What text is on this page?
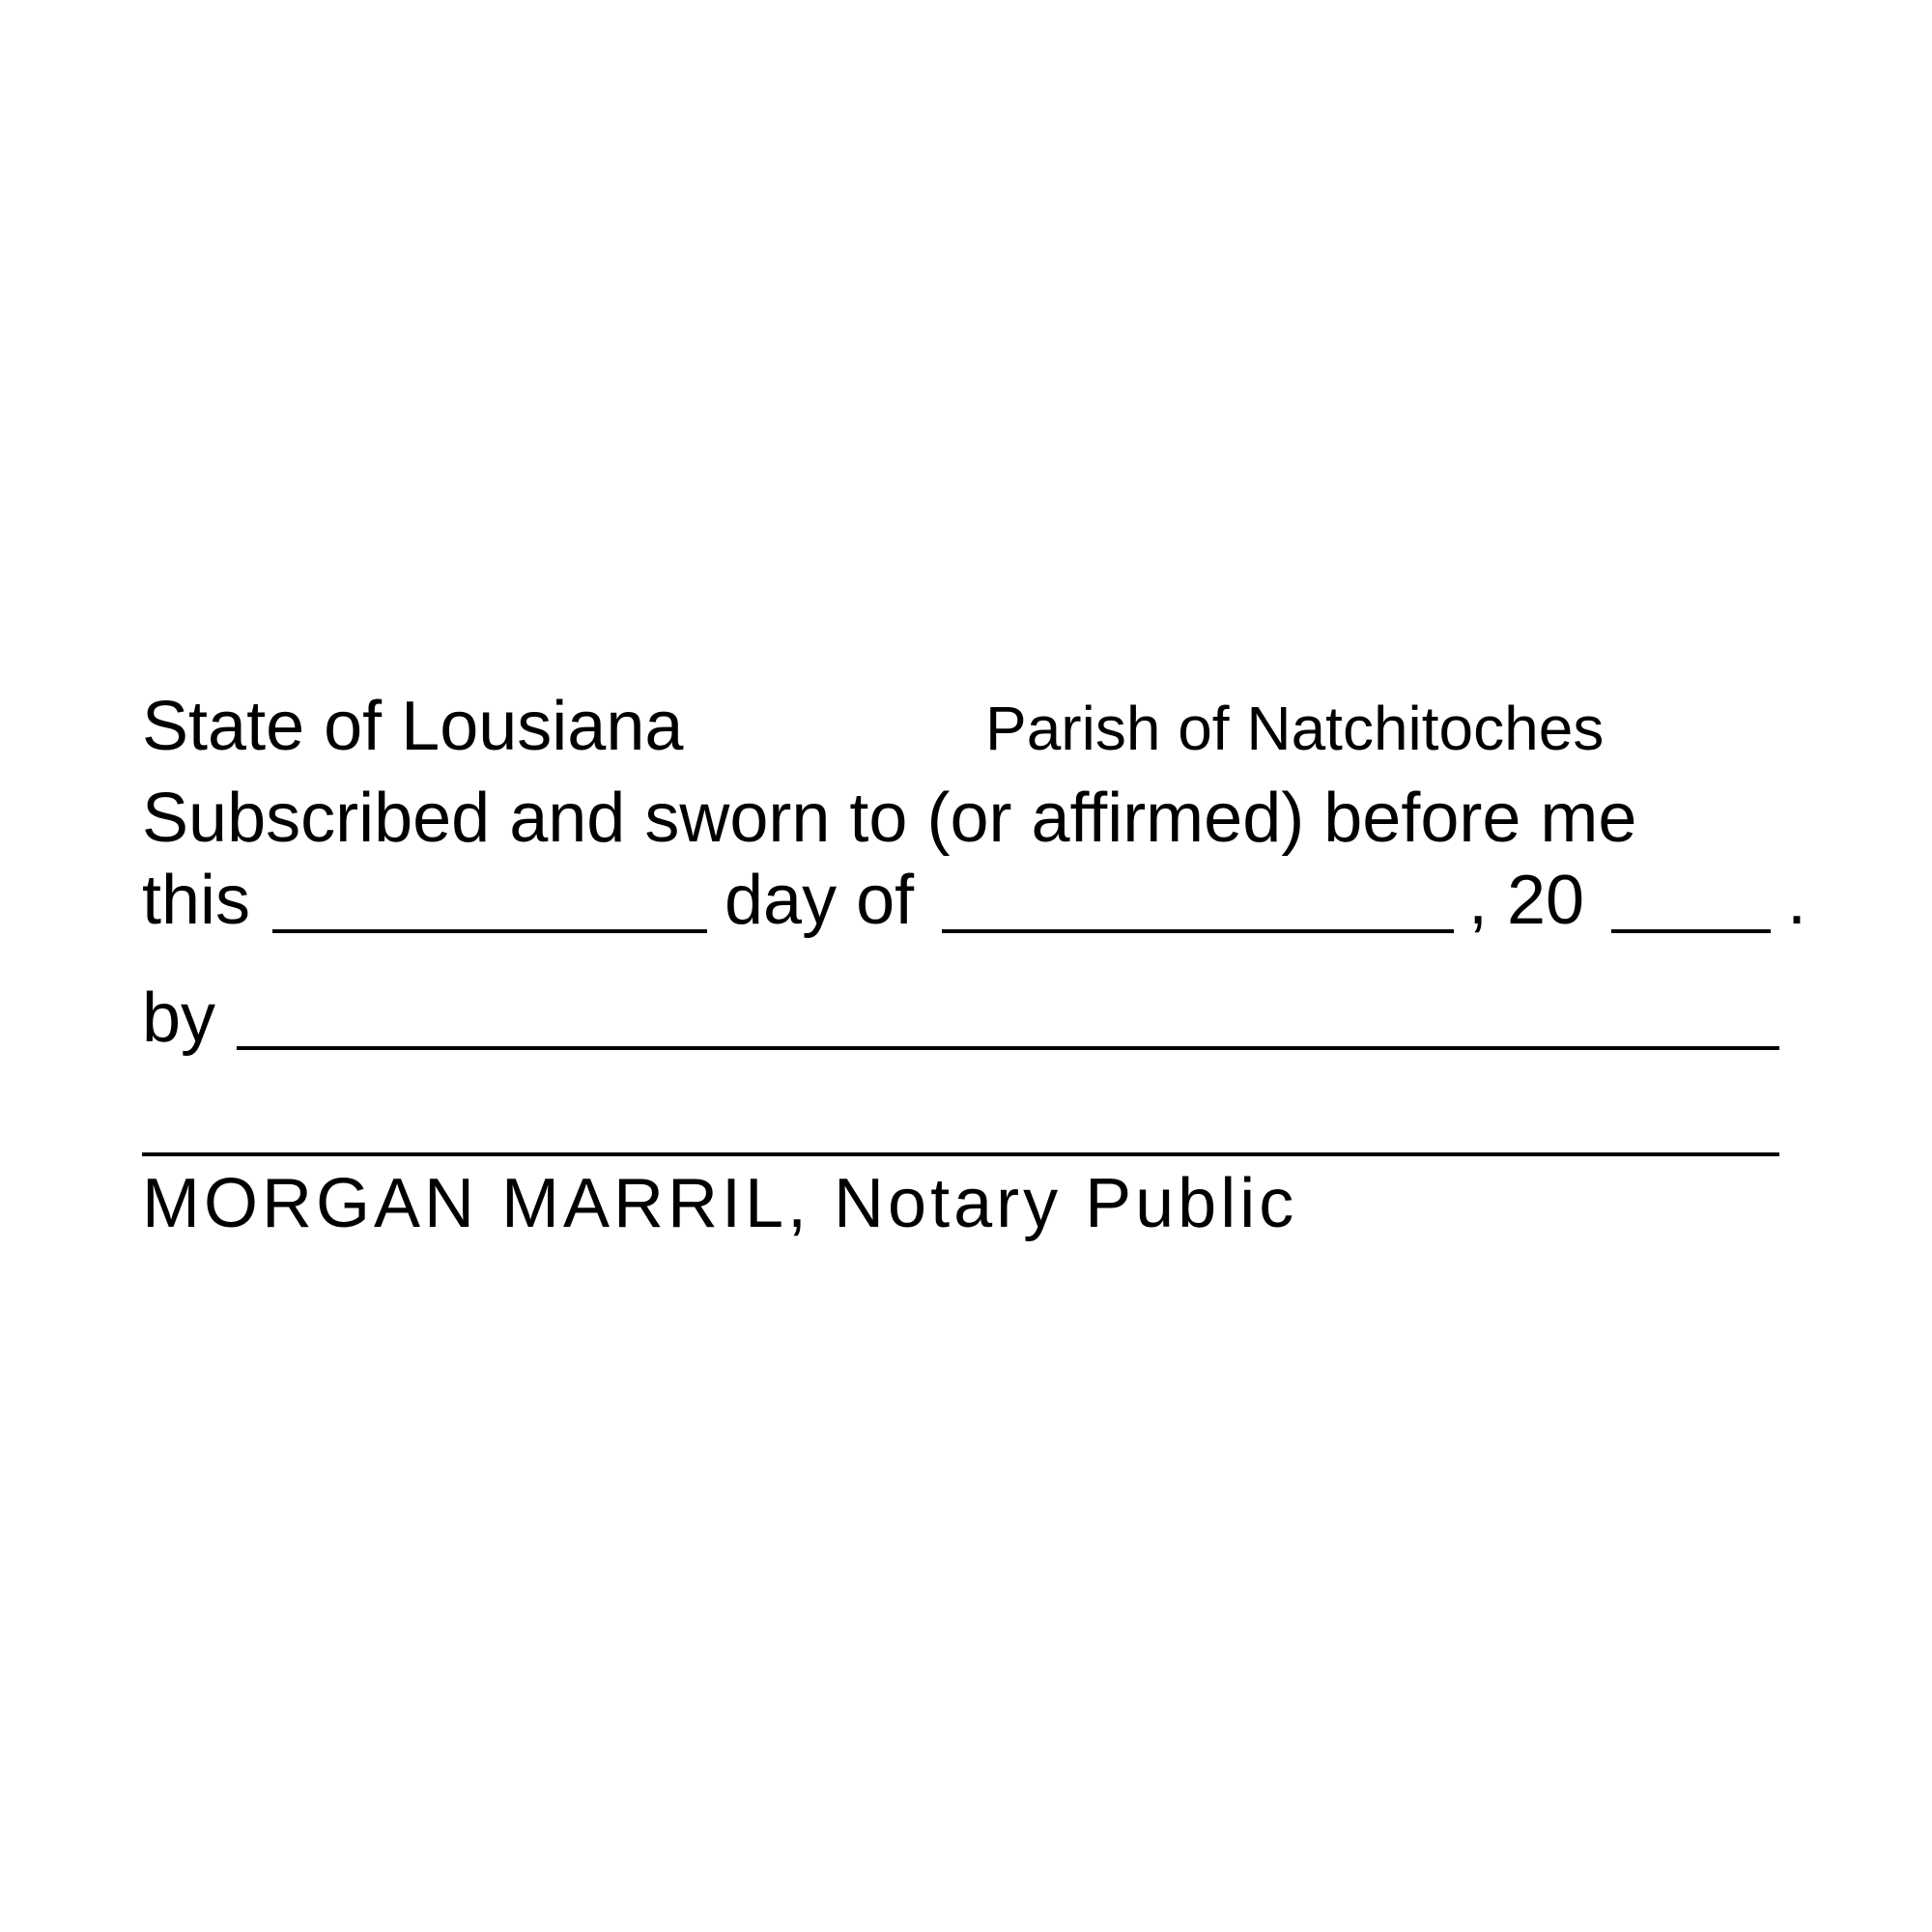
State of Lousiana	Parish of Natchitoches
Subscribed and sworn to (or affirmed) before me
this	day of	, 20	.
by
MORGAN MARRIL, Notary Public
